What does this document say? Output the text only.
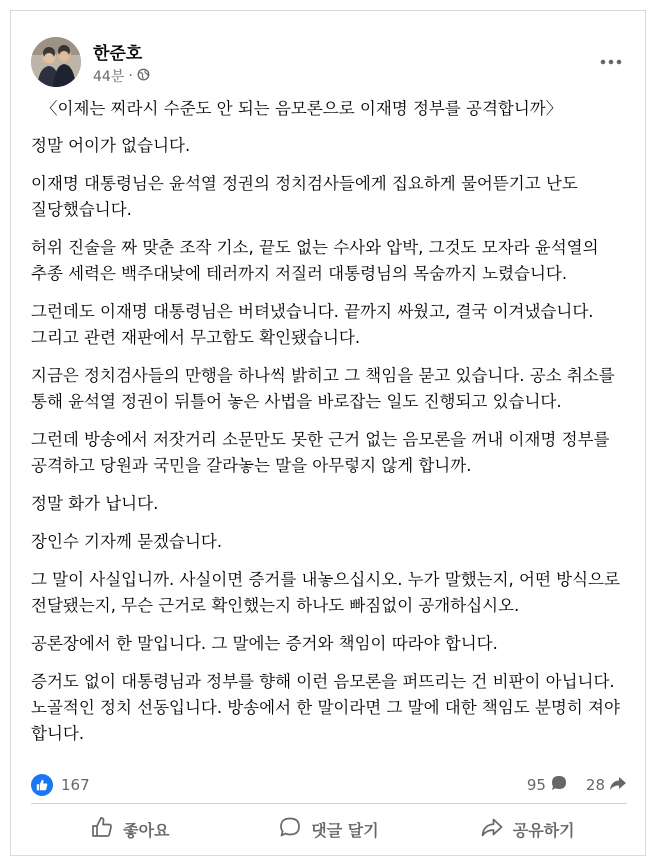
한준호
44분 ·
〈이제는 찌라시 수준도 안 되는 음모론으로 이재명 정부를 공격합니까〉
정말 어이가 없습니다.
이재명 대통령님은 윤석열 정권의 정치검사들에게 집요하게 물어뜯기고 난도 질당했습니다.
허위 진술을 짜 맞춘 조작 기소, 끝도 없는 수사와 압박, 그것도 모자라 윤석열의 추종 세력은 백주대낮에 테러까지 저질러 대통령님의 목숨까지 노렸습니다.
그런데도 이재명 대통령님은 버텨냈습니다. 끝까지 싸웠고, 결국 이겨냈습니다. 그리고 관련 재판에서 무고함도 확인됐습니다.
지금은 정치검사들의 만행을 하나씩 밝히고 그 책임을 묻고 있습니다. 공소 취소를 통해 윤석열 정권이 뒤틀어 놓은 사법을 바로잡는 일도 진행되고 있습니다.
그런데 방송에서 저잣거리 소문만도 못한 근거 없는 음모론을 꺼내 이재명 정부를 공격하고 당원과 국민을 갈라놓는 말을 아무렇지 않게 합니까.
정말 화가 납니다.
장인수 기자께 묻겠습니다.
그 말이 사실입니까. 사실이면 증거를 내놓으십시오. 누가 말했는지, 어떤 방식으로 전달됐는지, 무슨 근거로 확인했는지 하나도 빠짐없이 공개하십시오.
공론장에서 한 말입니다. 그 말에는 증거와 책임이 따라야 합니다.
증거도 없이 대통령님과 정부를 향해 이런 음모론을 퍼뜨리는 건 비판이 아닙니다. 노골적인 정치 선동입니다. 방송에서 한 말이라면 그 말에 대한 책임도 분명히 져야 합니다.
167	95	28
좋아요	댓글 달기	공유하기
